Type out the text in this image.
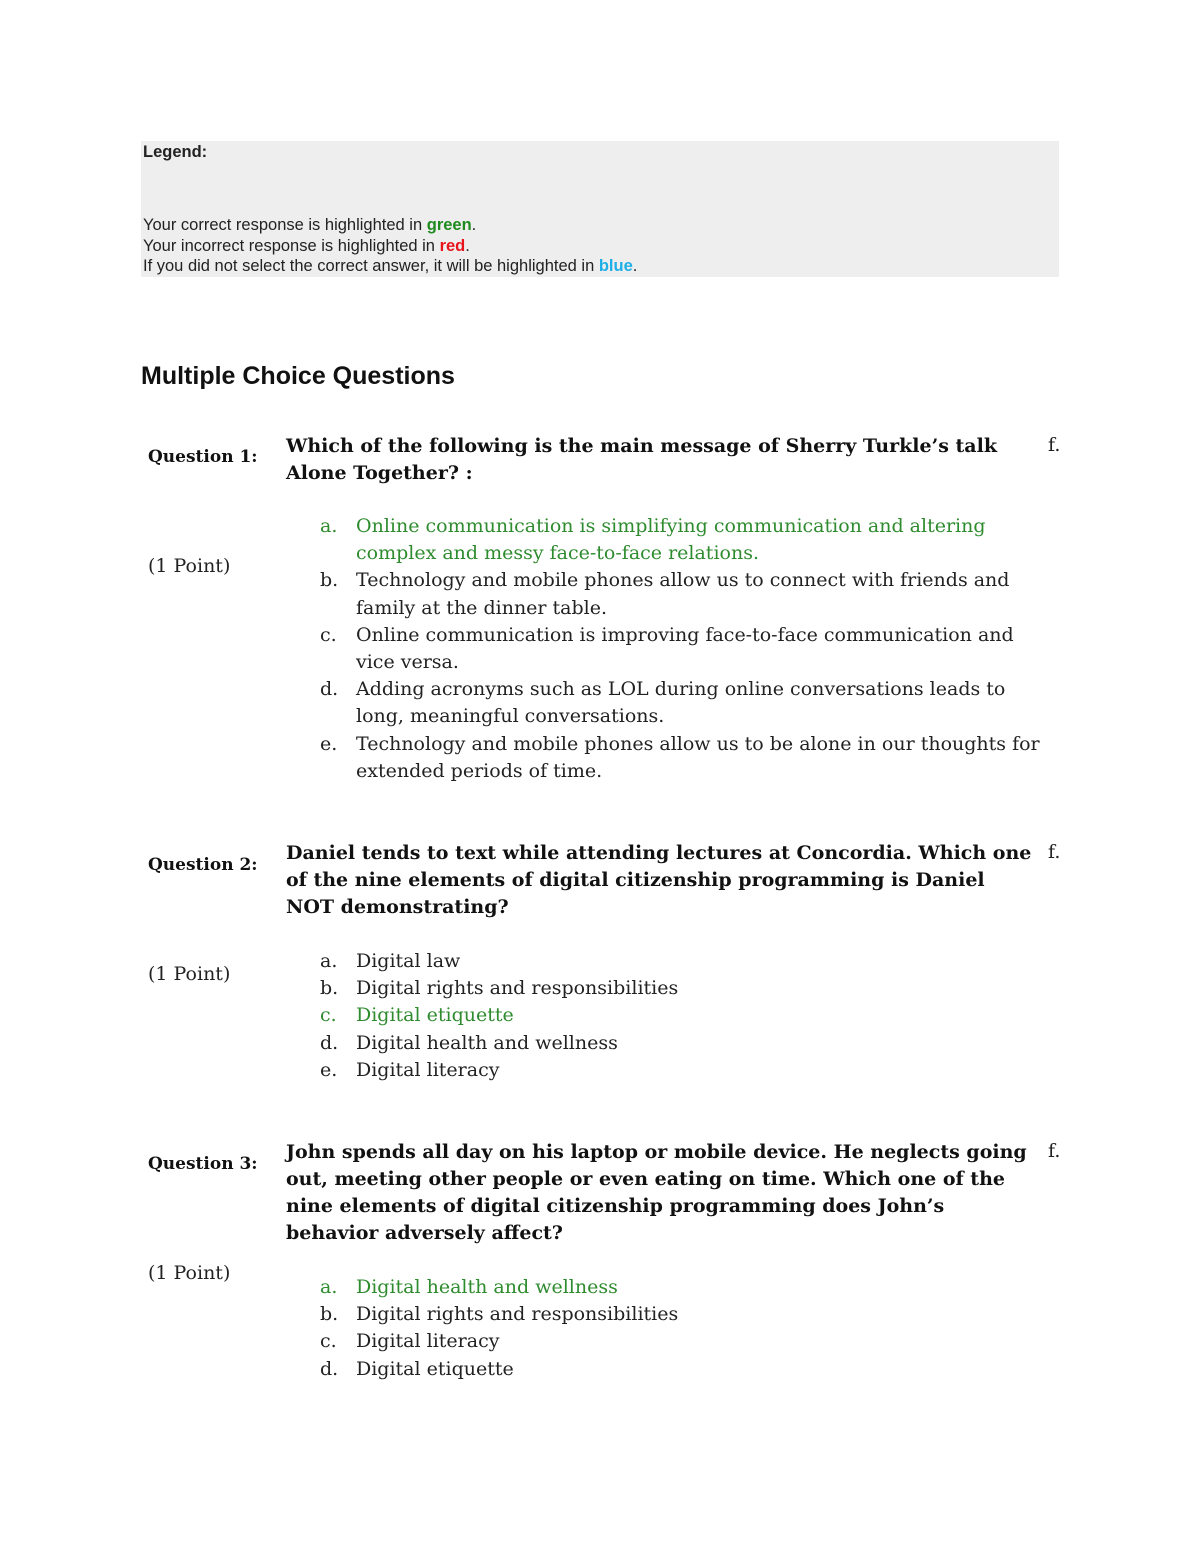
Legend:
Your correct response is highlighted in green.
Your incorrect response is highlighted in red.
If you did not select the correct answer, it will be highlighted in blue.
Multiple Choice Questions
Question 1:
(1 Point)
Which of the following is the main message of Sherry Turkle’s talk Alone Together? :
f.
a. Online communication is simplifying communication and altering complex and messy face-to-face relations.
b. Technology and mobile phones allow us to connect with friends and family at the dinner table.
c. Online communication is improving face-to-face communication and vice versa.
d. Adding acronyms such as LOL during online conversations leads to long, meaningful conversations.
e. Technology and mobile phones allow us to be alone in our thoughts for extended periods of time.
Question 2:
(1 Point)
Daniel tends to text while attending lectures at Concordia. Which one of the nine elements of digital citizenship programming is Daniel NOT demonstrating?
f.
a. Digital law
b. Digital rights and responsibilities
c. Digital etiquette
d. Digital health and wellness
e. Digital literacy
Question 3:
(1 Point)
John spends all day on his laptop or mobile device. He neglects going out, meeting other people or even eating on time. Which one of the nine elements of digital citizenship programming does John’s behavior adversely affect?
f.
a. Digital health and wellness
b. Digital rights and responsibilities
c. Digital literacy
d. Digital etiquette
